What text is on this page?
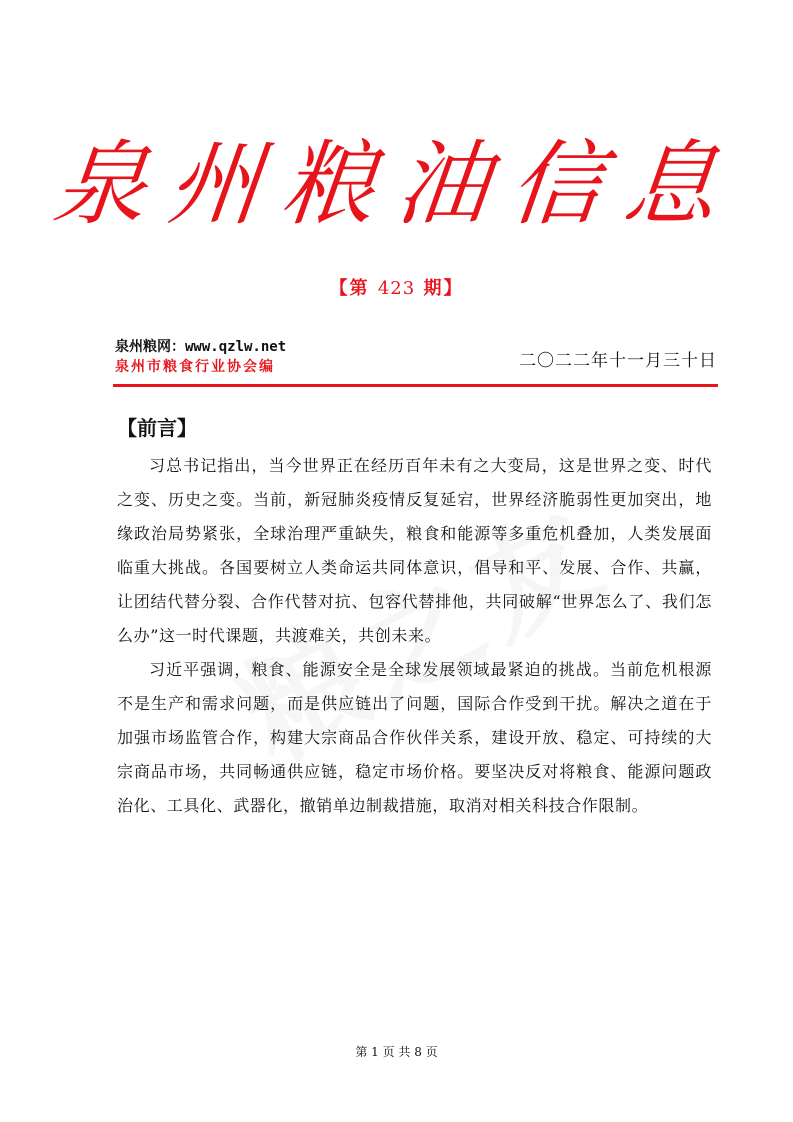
泉州粮油信息
【第 423 期】
泉州粮网：www.qzlw.net
泉州市粮食行业协会编	二〇二二年十一月三十日
【前言】

习总书记指出，当今世界正在经历百年未有之大变局，这是世界之变、时代之变、历史之变。当前，新冠肺炎疫情反复延宕，世界经济脆弱性更加突出，地缘政治局势紧张，全球治理严重缺失，粮食和能源等多重危机叠加，人类发展面临重大挑战。各国要树立人类命运共同体意识，倡导和平、发展、合作、共赢，让团结代替分裂、合作代替对抗、包容代替排他，共同破解“世界怎么了、我们怎么办”这一时代课题，共渡难关，共创未来。

习近平强调，粮食、能源安全是全球发展领域最紧迫的挑战。当前危机根源不是生产和需求问题，而是供应链出了问题，国际合作受到干扰。解决之道在于加强市场监管合作，构建大宗商品合作伙伴关系，建设开放、稳定、可持续的大宗商品市场，共同畅通供应链，稳定市场价格。要坚决反对将粮食、能源问题政治化、工具化、武器化，撤销单边制裁措施，取消对相关科技合作限制。

第 1 页 共 8 页
